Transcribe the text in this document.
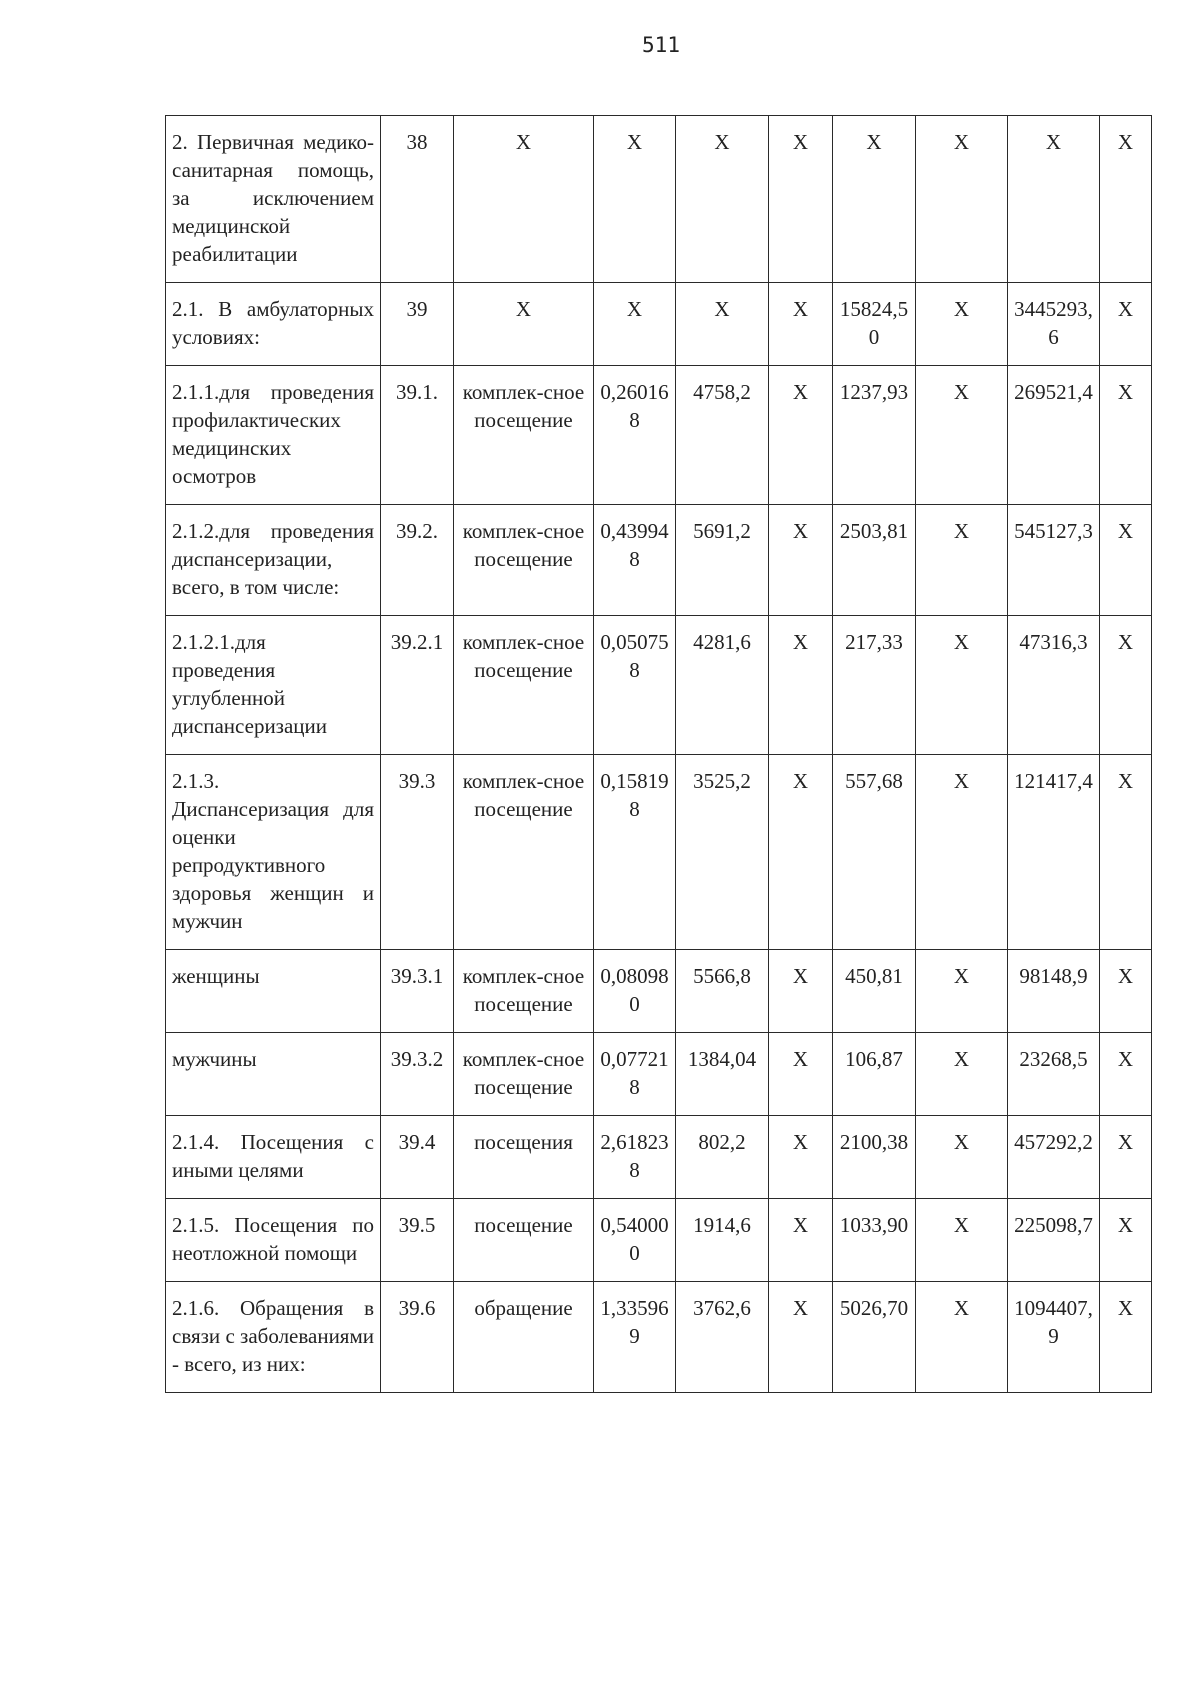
511
2. Первичная медико-санитарная помощь, за исключением медицинской реабилитации	38	X	X	X	X	X	X	X	X
2.1. В амбулаторных условиях:	39	X	X	X	X	15824,50	X	3445293,6	X
2.1.1.для проведения профилактических медицинских осмотров	39.1.	комплек-сное посещение	0,260168	4758,2	X	1237,93	X	269521,4	X
2.1.2.для проведения диспансеризации, всего, в том числе:	39.2.	комплек-сное посещение	0,439948	5691,2	X	2503,81	X	545127,3	X
2.1.2.1.для проведения углубленной диспансеризации	39.2.1	комплек-сное посещение	0,050758	4281,6	X	217,33	X	47316,3	X
2.1.3. Диспансеризация для оценки репродуктивного здоровья женщин и мужчин	39.3	комплек-сное посещение	0,158198	3525,2	X	557,68	X	121417,4	X
женщины	39.3.1	комплек-сное посещение	0,080980	5566,8	X	450,81	X	98148,9	X
мужчины	39.3.2	комплек-сное посещение	0,077218	1384,04	X	106,87	X	23268,5	X
2.1.4. Посещения с иными целями	39.4	посещения	2,618238	802,2	X	2100,38	X	457292,2	X
2.1.5. Посещения по неотложной помощи	39.5	посещение	0,540000	1914,6	X	1033,90	X	225098,7	X
2.1.6. Обращения в связи с заболеваниями - всего, из них:	39.6	обращение	1,335969	3762,6	X	5026,70	X	1094407,9	X
